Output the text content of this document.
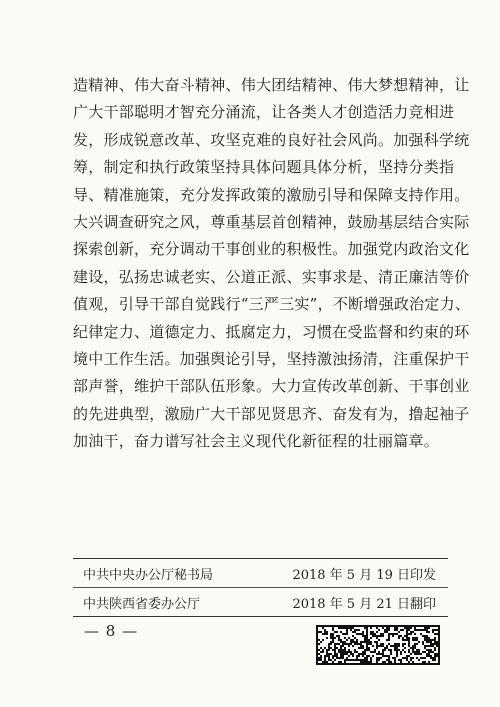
造精神、伟大奋斗精神、伟大团结精神、伟大梦想精神，让
广大干部聪明才智充分涌流，让各类人才创造活力竞相进
发，形成锐意改革、攻坚克难的良好社会风尚。加强科学统
筹，制定和执行政策坚持具体问题具体分析，坚持分类指
导、精准施策，充分发挥政策的激励引导和保障支持作用。
大兴调查研究之风，尊重基层首创精神，鼓励基层结合实际
探索创新，充分调动干事创业的积极性。加强党内政治文化
建设，弘扬忠诚老实、公道正派、实事求是、清正廉洁等价
值观，引导干部自觉践行“三严三实”，不断增强政治定力、
纪律定力、道德定力、抵腐定力，习惯在受监督和约束的环
境中工作生活。加强舆论引导，坚持激浊扬清，注重保护干
部声誉，维护干部队伍形象。大力宣传改革创新、干事创业
的先进典型，激励广大干部见贤思齐、奋发有为，撸起袖子
加油干，奋力谱写社会主义现代化新征程的壮丽篇章。
中共中央办公厅秘书局	2018 年 5 月 19 日印发
中共陕西省委办公厅	2018 年 5 月 21 日翻印
— 8 —
